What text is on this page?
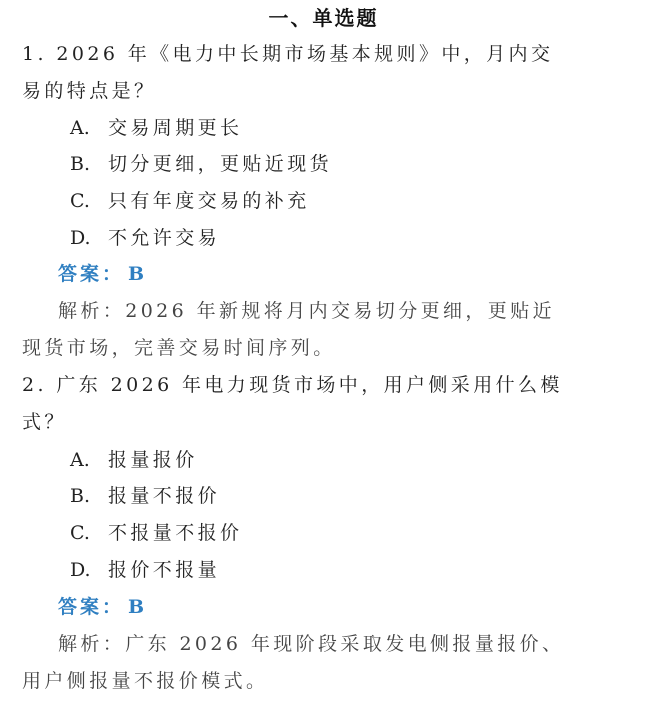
一、单选题
1. 2026 年《电力中长期市场基本规则》中，月内交
易的特点是？
A. 交易周期更长
B. 切分更细，更贴近现货
C. 只有年度交易的补充
D. 不允许交易
答案： B
解析：2026 年新规将月内交易切分更细，更贴近
现货市场，完善交易时间序列。
2. 广东 2026 年电力现货市场中，用户侧采用什么模
式？
A. 报量报价
B. 报量不报价
C. 不报量不报价
D. 报价不报量
答案： B
解析：广东 2026 年现阶段采取发电侧报量报价、
用户侧报量不报价模式。
